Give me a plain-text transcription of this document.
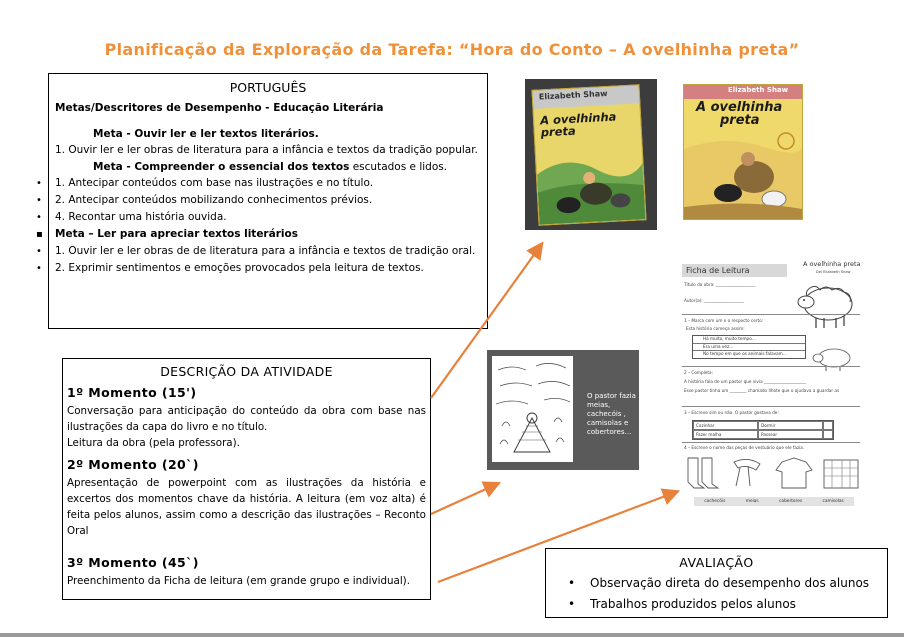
Planificação da Exploração da Tarefa: “Hora do Conto – A ovelhinha preta”
PORTUGUÊS
Metas/Descritores de Desempenho - Educação Literária
Meta - Ouvir ler e ler textos literários.
1. Ouvir ler e ler obras de literatura para a infância e textos da tradição popular.
Meta - Compreender o essencial dos textos escutados e lidos.
• 1. Antecipar conteúdos com base nas ilustrações e no título.
• 2. Antecipar conteúdos mobilizando conhecimentos prévios.
• 4. Recontar uma história ouvida.
▪ Meta – Ler para apreciar textos literários
• 1. Ouvir ler e ler obras de de literatura para a infância e textos de tradição oral.
• 2. Exprimir sentimentos e emoções provocados pela leitura de textos.
DESCRIÇÃO DA ATIVIDADE
1º Momento (15')
Conversação para anticipação do conteúdo da obra com base nas ilustrações da capa do livro e no título.
Leitura da obra (pela professora).
2º Momento (20`)
Apresentação de powerpoint com as ilustrações da história e excertos dos momentos chave da história. A leitura (em voz alta) é feita pelos alunos, assim como a descrição das ilustrações – Reconto Oral
3º Momento (45`)
Preenchimento da Ficha de leitura (em grande grupo e individual).
AVALIAÇÃO
• Observação direta do desempenho dos alunos
• Trabalhos produzidos pelos alunos
Elizabeth Shaw
A ovelhinha
preta
Elizabeth Shaw
A ovelhinha
preta
O pastor fazia meias, cachecóis , camisolas e cobertores…
Ficha de Leitura
A ovelhinha preta
Del Elizabeth Shaw
Título da obra: ___________________
Autor(a): ___________________
1 – Marca com um x o respecto certo:
Esta história começa assim:
Há muito, muito tempo…
Era uma vez…
No tempo em que os animais falavam…
2 – Completa:
A história fala de um pastor que vivia ____________________
Esse pastor tinha um ________ chamado Ilhote que o ajudava a guardar as
3 – Escreve sim ou não. O pastor gostava de:
Cozinhar	Dormir
Fazer malha	Passear
4 – Escreve o nome das peças de vestuário que ele fazia.
cachecóis	meias	cobertores	camisolas
